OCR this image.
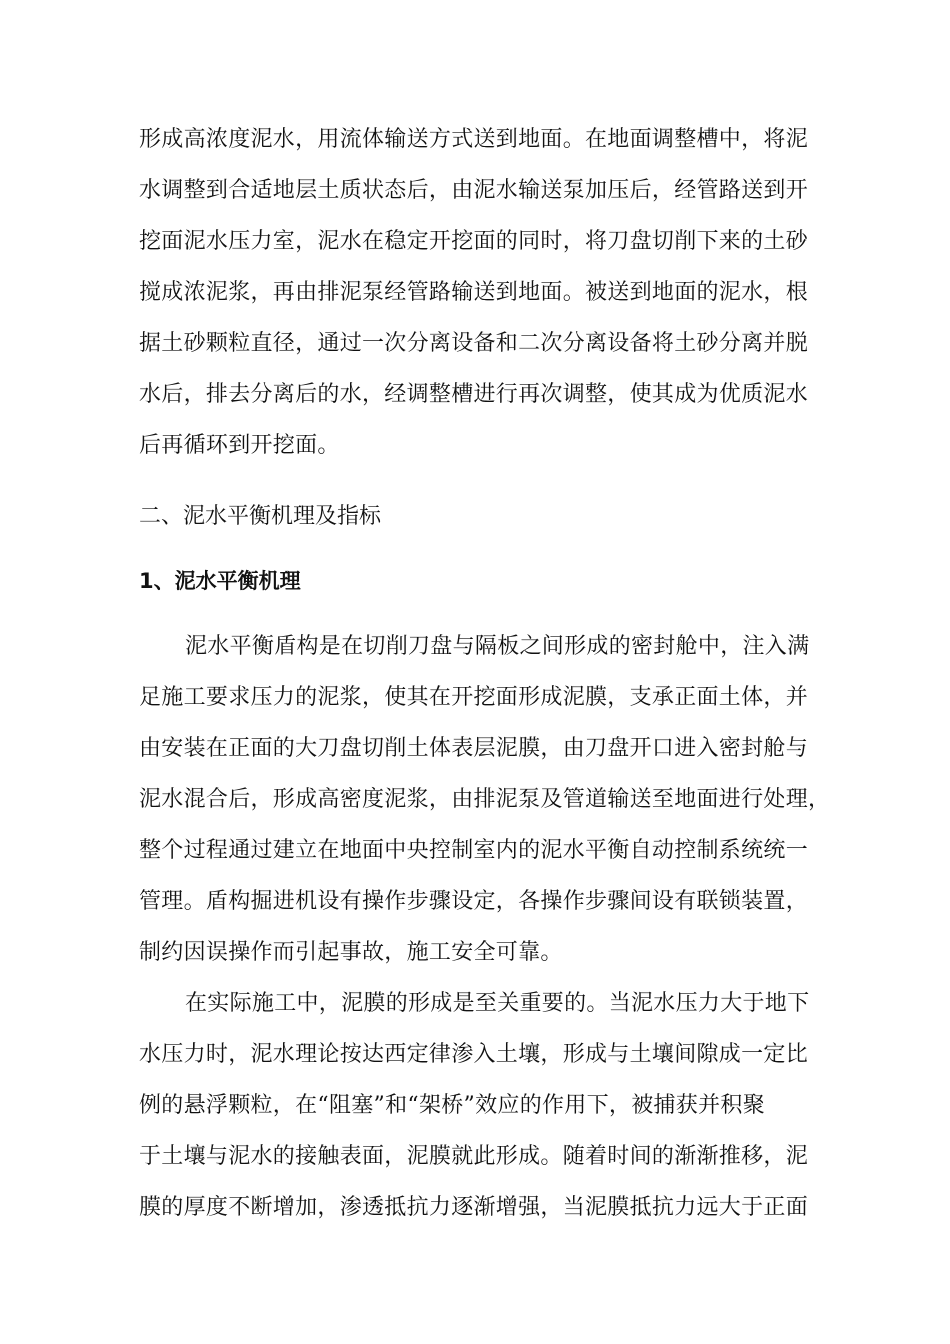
形成高浓度泥水，用流体输送方式送到地面。在地面调整槽中，将泥
水调整到合适地层土质状态后，由泥水输送泵加压后，经管路送到开
挖面泥水压力室，泥水在稳定开挖面的同时，将刀盘切削下来的土砂
搅成浓泥浆，再由排泥泵经管路输送到地面。被送到地面的泥水，根
据土砂颗粒直径，通过一次分离设备和二次分离设备将土砂分离并脱
水后，排去分离后的水，经调整槽进行再次调整，使其成为优质泥水
后再循环到开挖面。
二、泥水平衡机理及指标
1、泥水平衡机理
泥水平衡盾构是在切削刀盘与隔板之间形成的密封舱中，注入满
足施工要求压力的泥浆，使其在开挖面形成泥膜，支承正面土体，并
由安装在正面的大刀盘切削土体表层泥膜，由刀盘开口进入密封舱与
泥水混合后，形成高密度泥浆，由排泥泵及管道输送至地面进行处理，
整个过程通过建立在地面中央控制室内的泥水平衡自动控制系统统一
管理。盾构掘进机设有操作步骤设定，各操作步骤间设有联锁装置，
制约因误操作而引起事故，施工安全可靠。
在实际施工中，泥膜的形成是至关重要的。当泥水压力大于地下
水压力时，泥水理论按达西定律渗入土壤，形成与土壤间隙成一定比
例的悬浮颗粒，在“阻塞”和“架桥”效应的作用下，被捕获并积聚
于土壤与泥水的接触表面，泥膜就此形成。随着时间的渐渐推移，泥
膜的厚度不断增加，渗透抵抗力逐渐增强，当泥膜抵抗力远大于正面
